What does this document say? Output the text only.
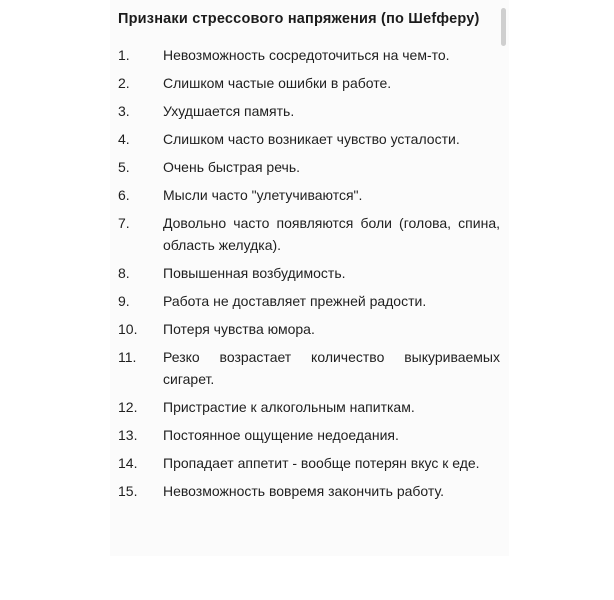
Признаки стрессового напряжения (по Шefферу)
1.	Невозможность сосредоточиться на чем-то.
2.	Слишком частые ошибки в работе.
3.	Ухудшается память.
4.	Слишком часто возникает чувство усталости.
5.	Очень быстрая речь.
6.	Мысли часто "улетучиваются".
7.	Довольно часто появляются боли (голова, спина, область желудка).
8.	Повышенная возбудимость.
9.	Работа не доставляет прежней радости.
10.	Потеря чувства юмора.
11.	Резко возрастает количество выкуриваемых сигарет.
12.	Пристрастие к алкогольным напиткам.
13.	Постоянное ощущение недоедания.
14.	Пропадает аппетит - вообще потерян вкус к еде.
15.	Невозможность вовремя закончить работу.
